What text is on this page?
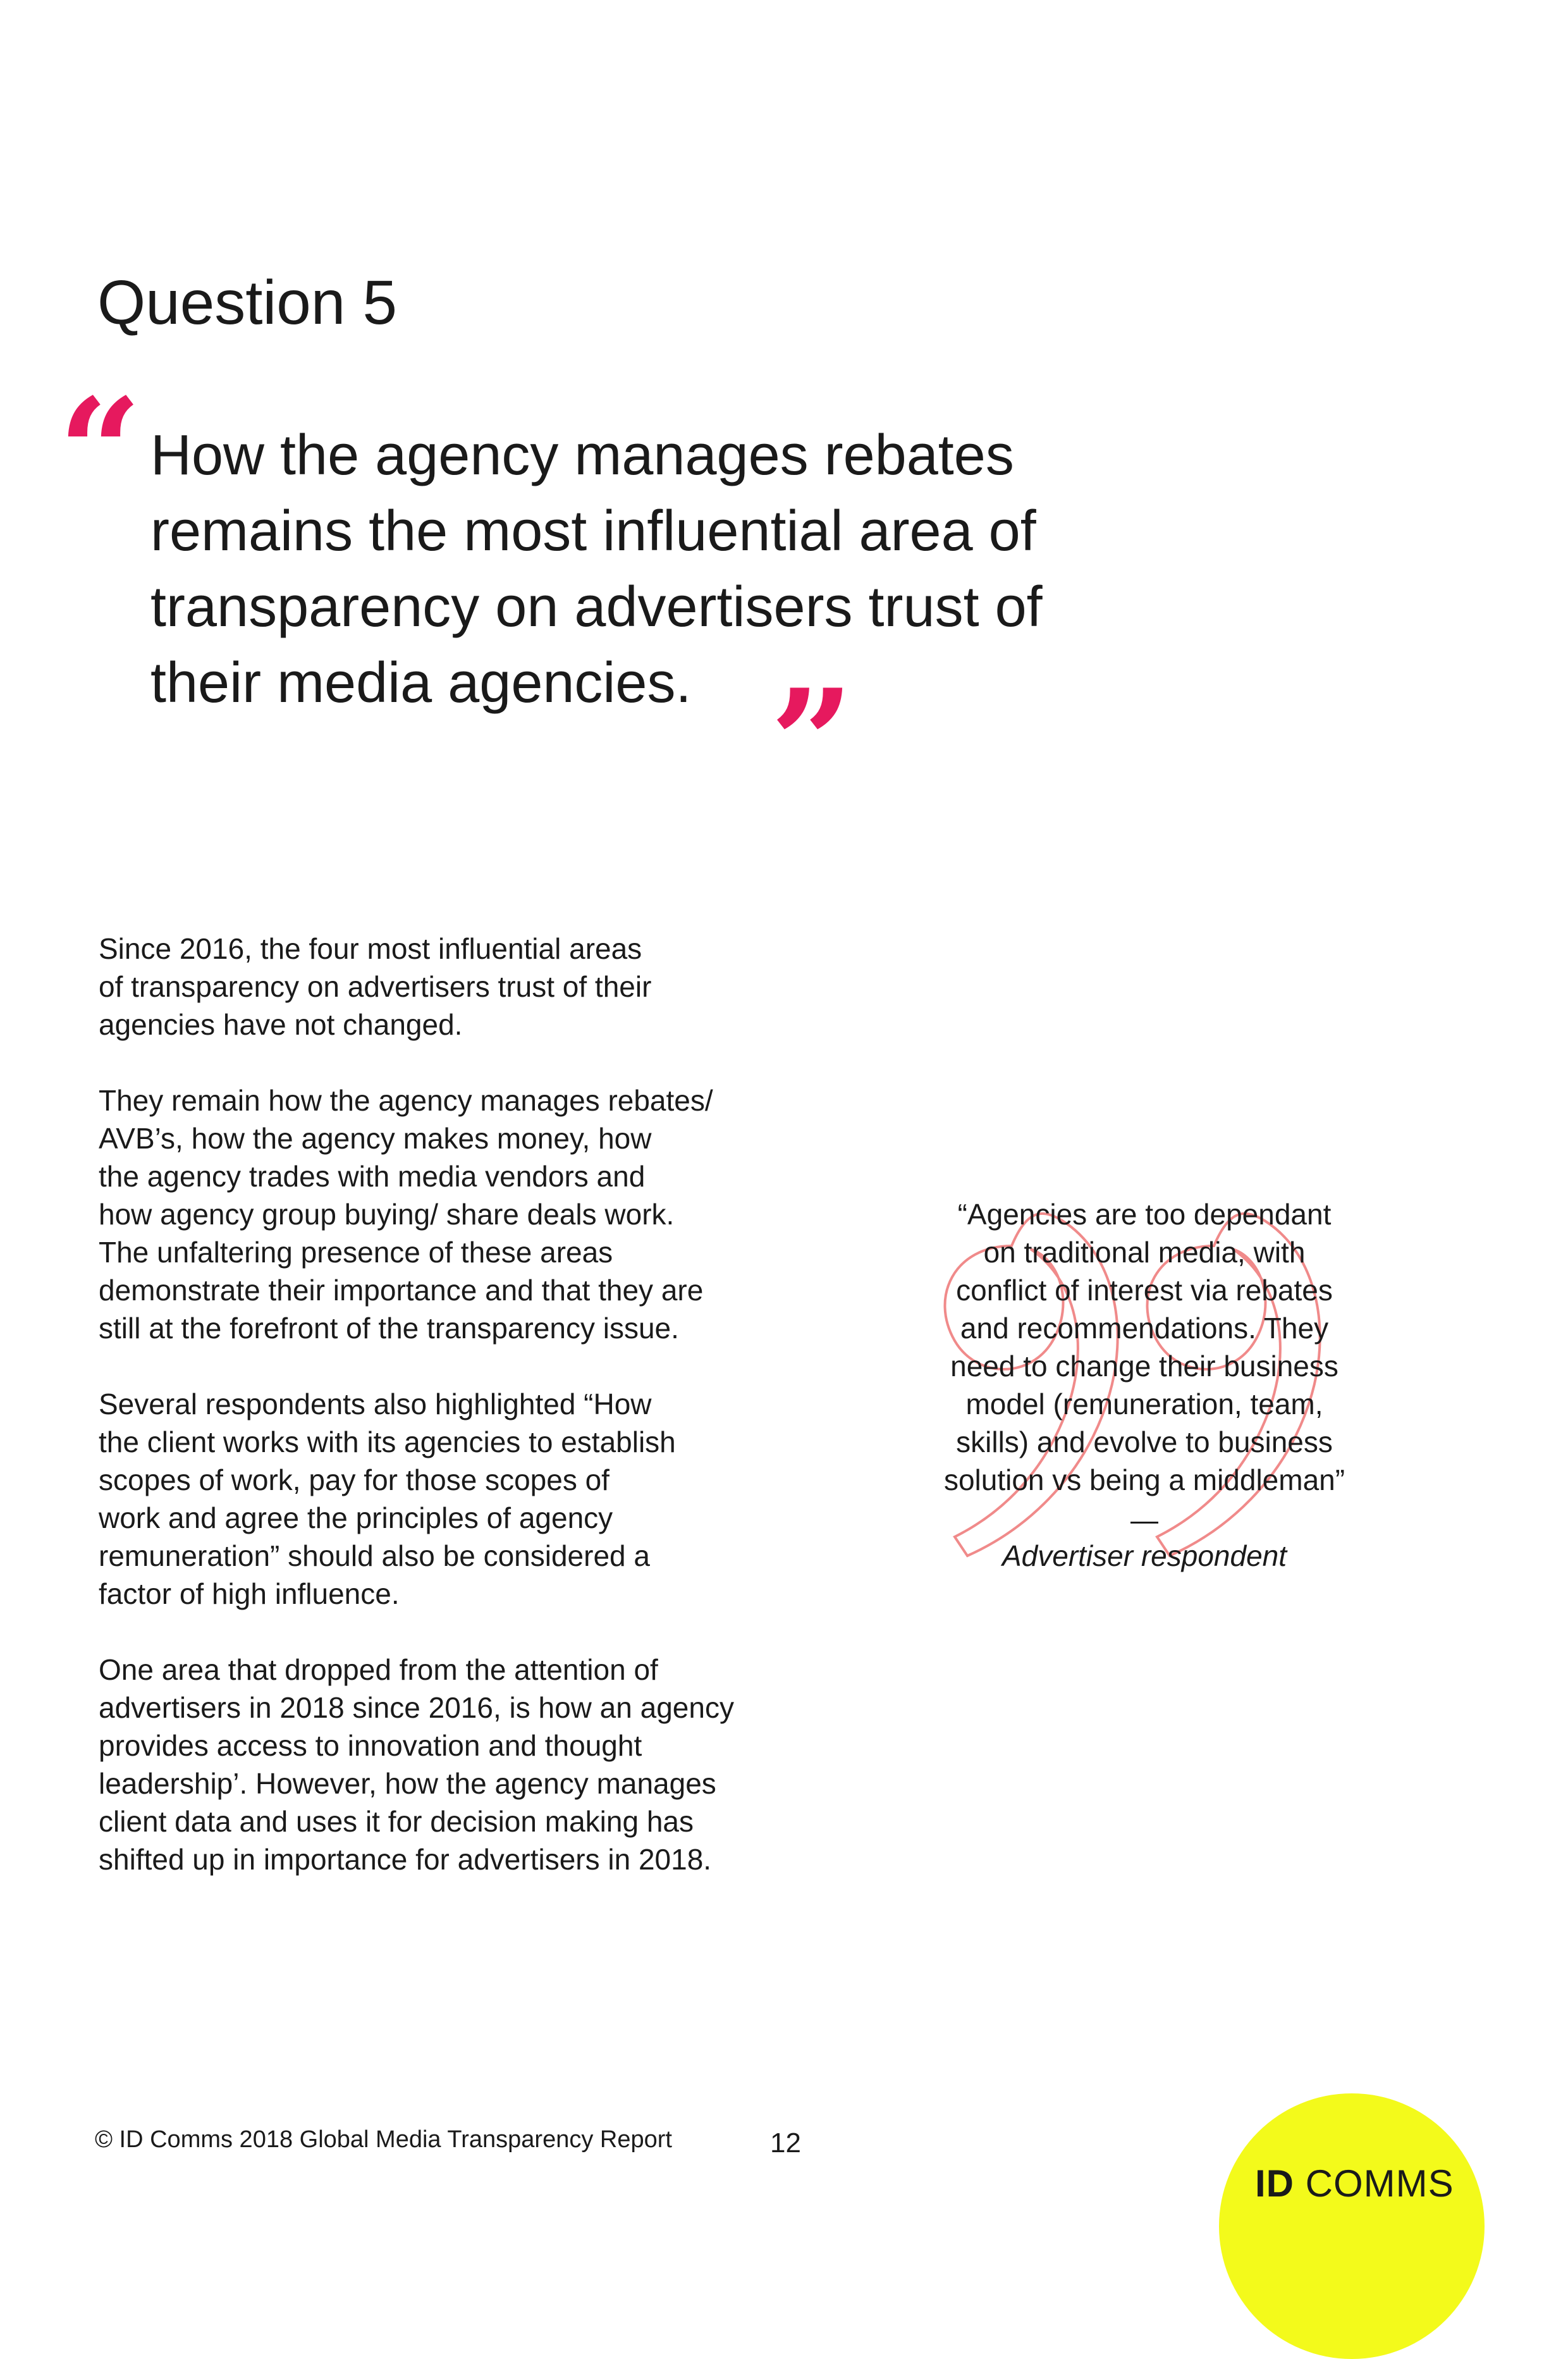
Question 5
“ How the agency manages rebates
remains the most influential area of
transparency on advertisers trust of
their media agencies. ”

Since 2016, the four most influential areas
of transparency on advertisers trust of their
agencies have not changed.

They remain how the agency manages rebates/
AVB’s, how the agency makes money, how
the agency trades with media vendors and
how agency group buying/ share deals work.
The unfaltering presence of these areas
demonstrate their importance and that they are
still at the forefront of the transparency issue.

Several respondents also highlighted “How
the client works with its agencies to establish
scopes of work, pay for those scopes of
work and agree the principles of agency
remuneration” should also be considered a
factor of high influence.

One area that dropped from the attention of
advertisers in 2018 since 2016, is how an agency
provides access to innovation and thought
leadership’. However, how the agency manages
client data and uses it for decision making has
shifted up in importance for advertisers in 2018.

“Agencies are too dependant
on traditional media, with
conflict of interest via rebates
and recommendations. They
need to change their business
model (remuneration, team,
skills) and evolve to business
solution vs being a middleman”
Advertiser respondent
© ID Comms 2018 Global Media Transparency Report	12
ID COMMS
